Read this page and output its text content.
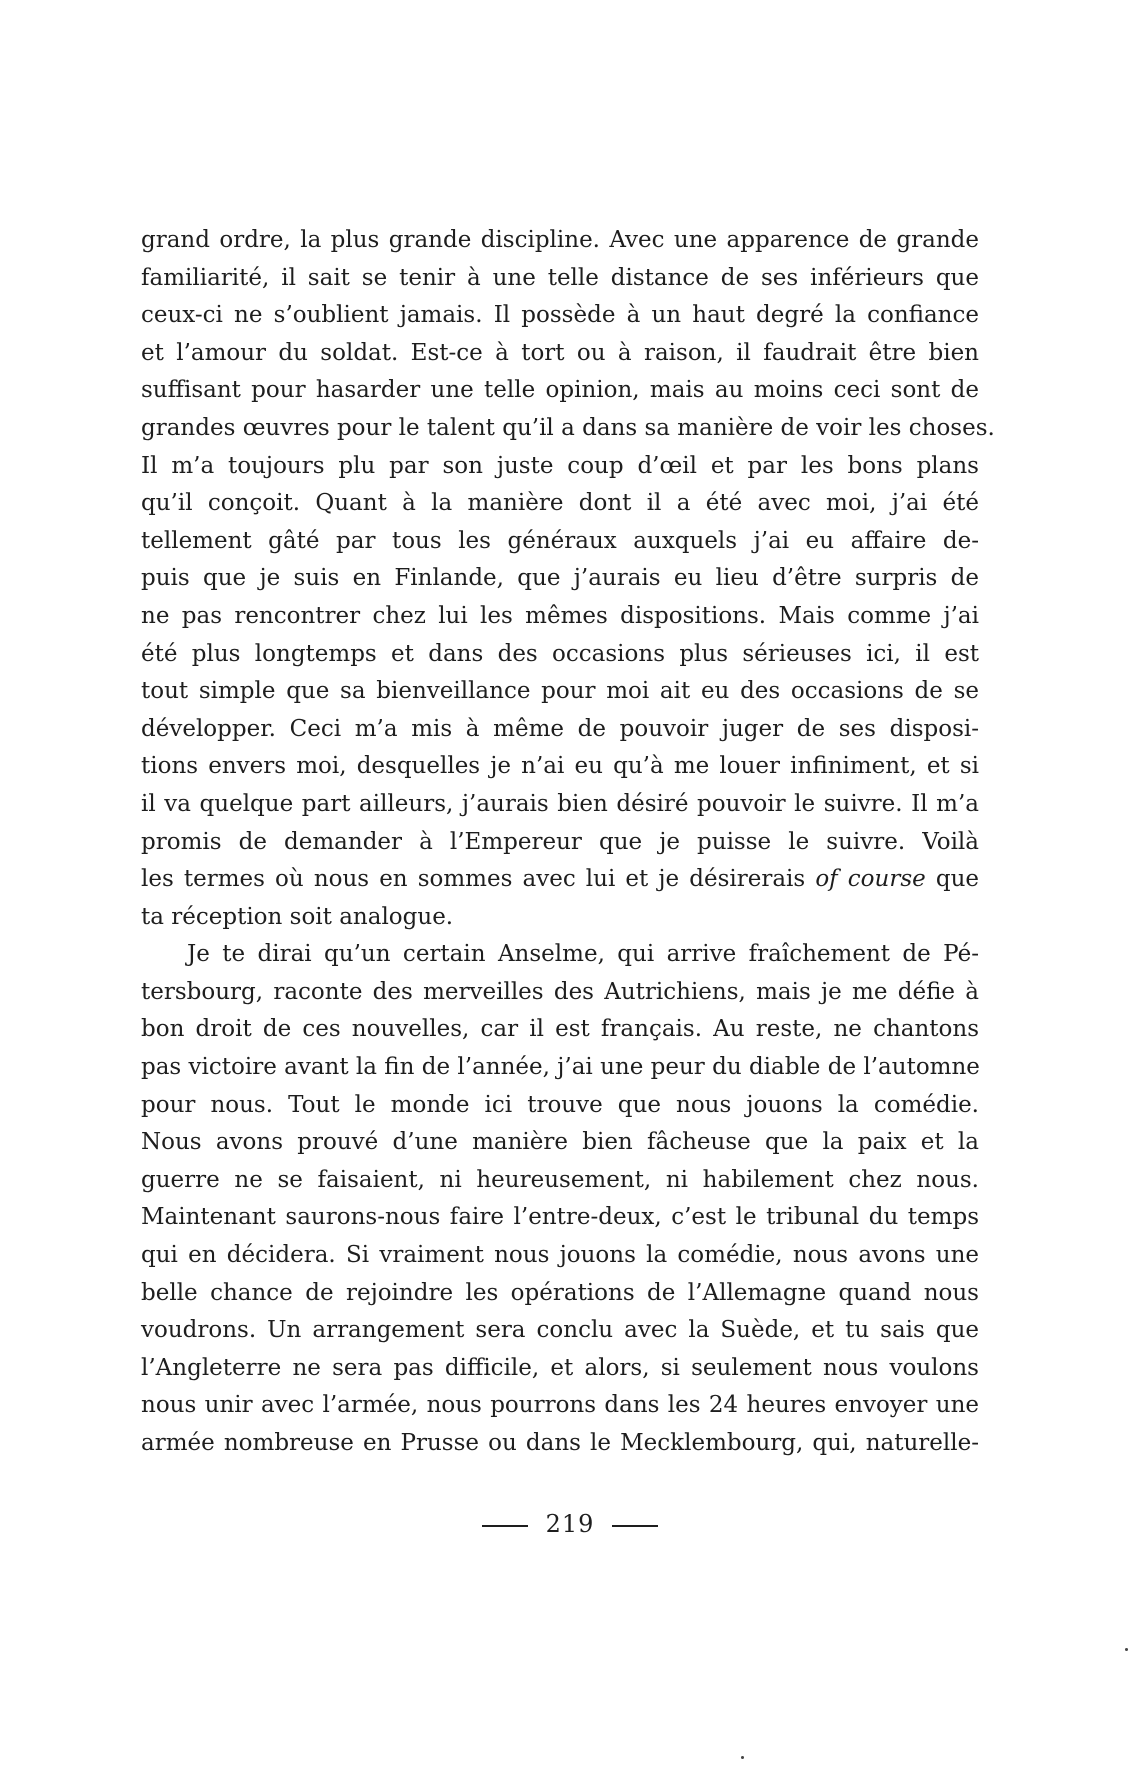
grand ordre, la plus grande discipline. Avec une apparence de grande
familiarité, il sait se tenir à une telle distance de ses inférieurs que
ceux-ci ne s’oublient jamais. Il possède à un haut degré la confiance
et l’amour du soldat. Est-ce à tort ou à raison, il faudrait être bien
suffisant pour hasarder une telle opinion, mais au moins ceci sont de
grandes œuvres pour le talent qu’il a dans sa manière de voir les choses.
Il m’a toujours plu par son juste coup d’œil et par les bons plans
qu’il conçoit. Quant à la manière dont il a été avec moi, j’ai été
tellement gâté par tous les généraux auxquels j’ai eu affaire de-
puis que je suis en Finlande, que j’aurais eu lieu d’être surpris de
ne pas rencontrer chez lui les mêmes dispositions. Mais comme j’ai
été plus longtemps et dans des occasions plus sérieuses ici, il est
tout simple que sa bienveillance pour moi ait eu des occasions de se
développer. Ceci m’a mis à même de pouvoir juger de ses disposi-
tions envers moi, desquelles je n’ai eu qu’à me louer infiniment, et si
il va quelque part ailleurs, j’aurais bien désiré pouvoir le suivre. Il m’a
promis de demander à l’Empereur que je puisse le suivre. Voilà
les termes où nous en sommes avec lui et je désirerais of course que
ta réception soit analogue.
Je te dirai qu’un certain Anselme, qui arrive fraîchement de Pé-
tersbourg, raconte des merveilles des Autrichiens, mais je me défie à
bon droit de ces nouvelles, car il est français. Au reste, ne chantons
pas victoire avant la fin de l’année, j’ai une peur du diable de l’automne
pour nous. Tout le monde ici trouve que nous jouons la comédie.
Nous avons prouvé d’une manière bien fâcheuse que la paix et la
guerre ne se faisaient, ni heureusement, ni habilement chez nous.
Maintenant saurons-nous faire l’entre-deux, c’est le tribunal du temps
qui en décidera. Si vraiment nous jouons la comédie, nous avons une
belle chance de rejoindre les opérations de l’Allemagne quand nous
voudrons. Un arrangement sera conclu avec la Suède, et tu sais que
l’Angleterre ne sera pas difficile, et alors, si seulement nous voulons
nous unir avec l’armée, nous pourrons dans les 24 heures envoyer une
armée nombreuse en Prusse ou dans le Mecklembourg, qui, naturelle-
219
